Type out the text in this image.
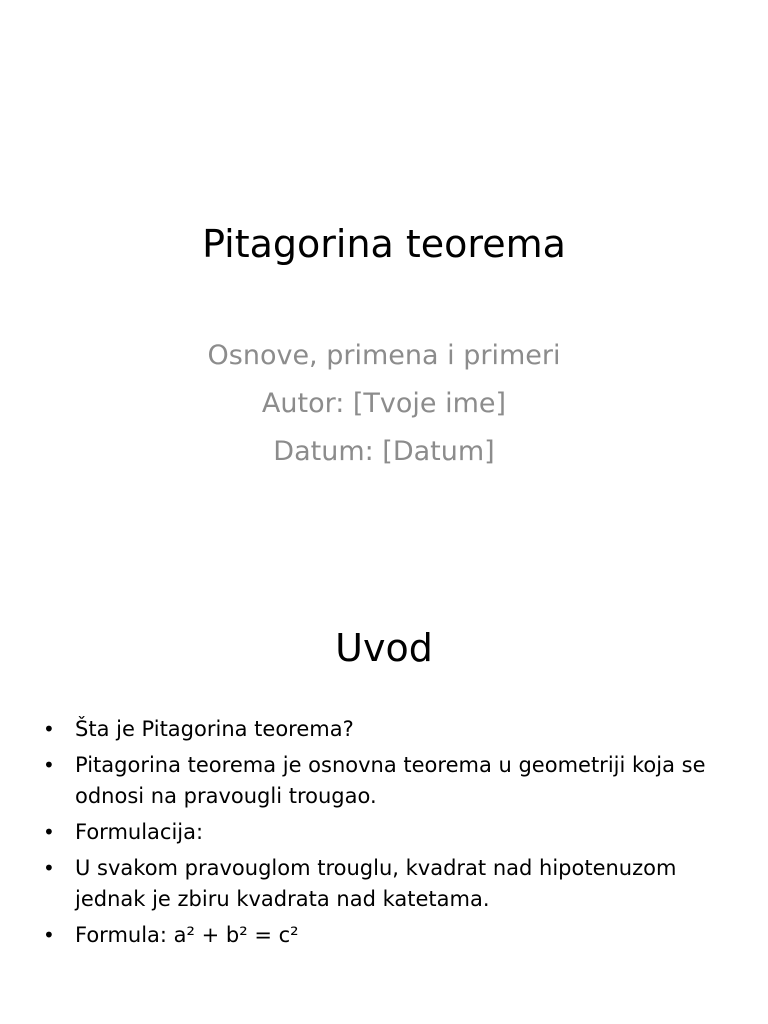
Pitagorina teorema
Osnove, primena i primeri
Autor: [Tvoje ime]
Datum: [Datum]
Uvod
• Šta je Pitagorina teorema?
• Pitagorina teorema je osnovna teorema u geometriji koja se odnosi na pravougli trougao.
• Formulacija:
• U svakom pravouglom trouglu, kvadrat nad hipotenuzom jednak je zbiru kvadrata nad katetama.
• Formula: a² + b² = c²
